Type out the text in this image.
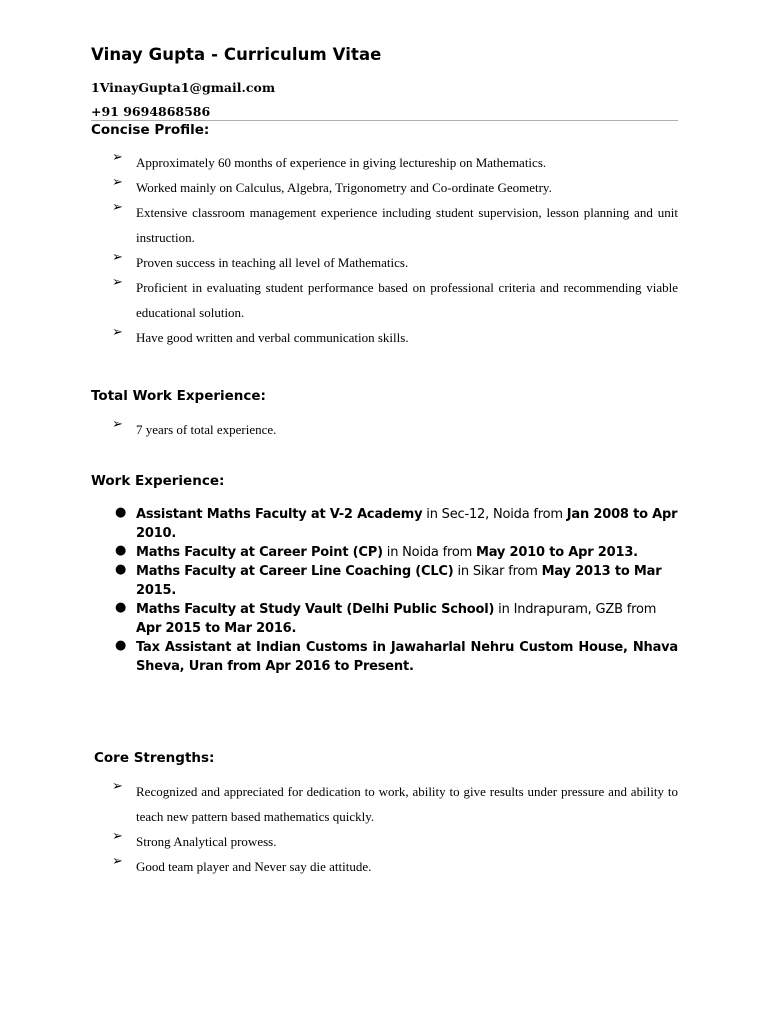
Vinay Gupta - Curriculum Vitae
1VinayGupta1@gmail.com
+91 9694868586
Concise Profile:
➢ Approximately 60 months of experience in giving lectureship on Mathematics.
➢ Worked mainly on Calculus, Algebra, Trigonometry and Co-ordinate Geometry.
➢ Extensive classroom management experience including student supervision, lesson planning and unit instruction.
➢ Proven success in teaching all level of Mathematics.
➢ Proficient in evaluating student performance based on professional criteria and recommending viable educational solution.
➢ Have good written and verbal communication skills.
Total Work Experience:
➢ 7 years of total experience.
Work Experience:
● Assistant Maths Faculty at V-2 Academy in Sec-12, Noida from Jan 2008 to Apr 2010.
● Maths Faculty at Career Point (CP) in Noida from May 2010 to Apr 2013.
● Maths Faculty at Career Line Coaching (CLC) in Sikar from May 2013 to Mar 2015.
● Maths Faculty at Study Vault (Delhi Public School) in Indrapuram, GZB from Apr 2015 to Mar 2016.
● Tax Assistant at Indian Customs in Jawaharlal Nehru Custom House, Nhava Sheva, Uran from Apr 2016 to Present.
Core Strengths:
➢ Recognized and appreciated for dedication to work, ability to give results under pressure and ability to teach new pattern based mathematics quickly.
➢ Strong Analytical prowess.
➢ Good team player and Never say die attitude.
